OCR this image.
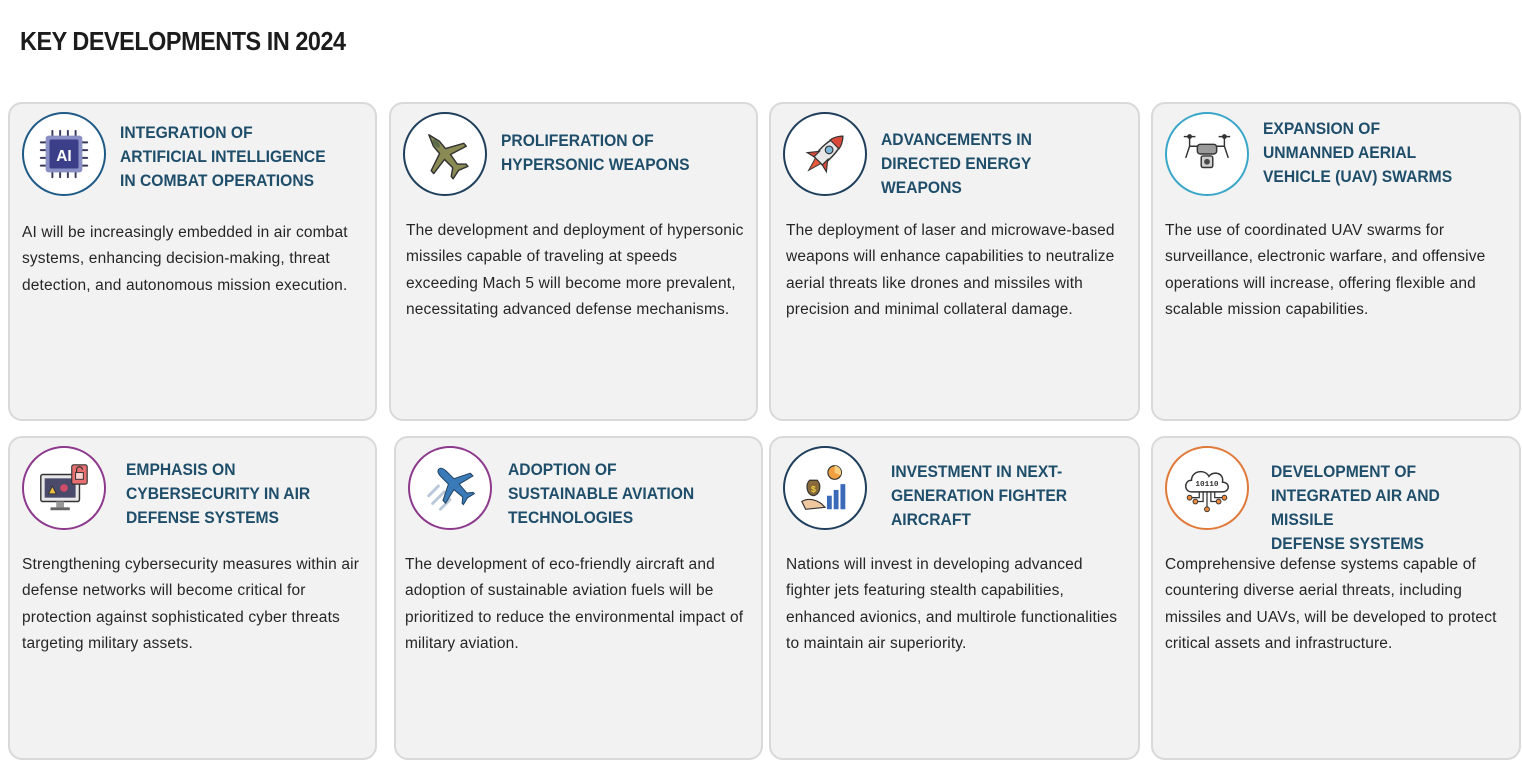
KEY DEVELOPMENTS IN 2024
AI
INTEGRATION OF
ARTIFICIAL INTELLIGENCE
IN COMBAT OPERATIONS
AI will be increasingly embedded in air combat systems, enhancing decision-making, threat detection, and autonomous mission execution.
PROLIFERATION OF
HYPERSONIC WEAPONS
The development and deployment of hypersonic missiles capable of traveling at speeds exceeding Mach 5 will become more prevalent, necessitating advanced defense mechanisms.
ADVANCEMENTS IN
DIRECTED ENERGY
WEAPONS
The deployment of laser and microwave-based weapons will enhance capabilities to neutralize aerial threats like drones and missiles with precision and minimal collateral damage.
EXPANSION OF
UNMANNED AERIAL
VEHICLE (UAV) SWARMS
The use of coordinated UAV swarms for surveillance, electronic warfare, and offensive operations will increase, offering flexible and scalable mission capabilities.
EMPHASIS ON
CYBERSECURITY IN AIR
DEFENSE SYSTEMS
Strengthening cybersecurity measures within air defense networks will become critical for protection against sophisticated cyber threats targeting military assets.
ADOPTION OF
SUSTAINABLE AVIATION
TECHNOLOGIES
The development of eco-friendly aircraft and adoption of sustainable aviation fuels will be prioritized to reduce the environmental impact of military aviation.
$
INVESTMENT IN NEXT-
GENERATION FIGHTER
AIRCRAFT
Nations will invest in developing advanced fighter jets featuring stealth capabilities, enhanced avionics, and multirole functionalities to maintain air superiority.
10110
DEVELOPMENT OF
INTEGRATED AIR AND MISSILE
DEFENSE SYSTEMS
Comprehensive defense systems capable of countering diverse aerial threats, including missiles and UAVs, will be developed to protect critical assets and infrastructure.
